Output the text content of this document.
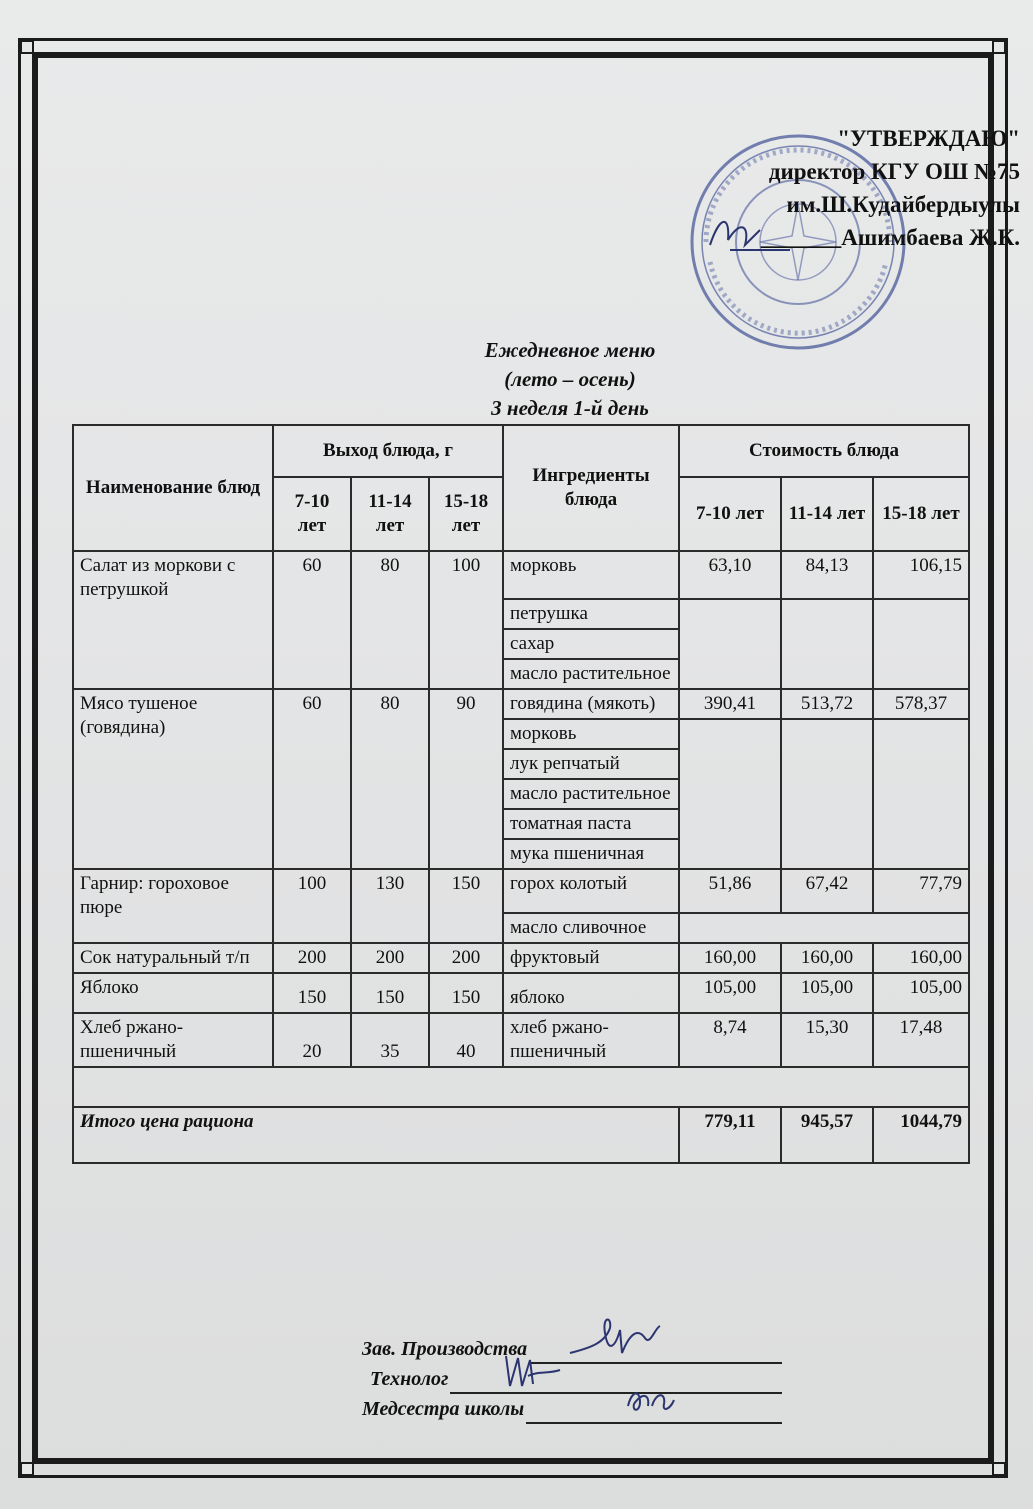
"УТВЕРЖДАЮ"
директор КГУ ОШ №75
им.Ш.Кудайбердыулы
_______Ашимбаева Ж.К.
Ежедневное меню
(лето – осень)
3 неделя 1-й день
Наименование блюд	Выход блюда, г			Ингредиенты блюда	Стоимость блюда		
	7-10 лет	11-14 лет	15-18 лет		7-10 лет	11-14 лет	15-18 лет
Салат из моркови с петрушкой	60	80	100	морковь	63,10	84,13	106,15
				петрушка			
				сахар			
				масло растительное			
Мясо тушеное (говядина)	60	80	90	говядина (мякоть)	390,41	513,72	578,37
				морковь			
				лук репчатый			
				масло растительное			
				томатная паста			
				мука пшеничная			
Гарнир: гороховое пюре	100	130	150	горох колотый	51,86	67,42	77,79
				масло сливочное			
Сок натуральный т/п	200	200	200	фруктовый	160,00	160,00	160,00
Яблоко	150	150	150	яблоко	105,00	105,00	105,00
Хлеб ржано-пшеничный	20	35	40	хлеб ржано-пшеничный	8,74	15,30	17,48

Итого цена рациона					779,11	945,57	1044,79
Зав. Производства
Технолог
Медсестра школы
